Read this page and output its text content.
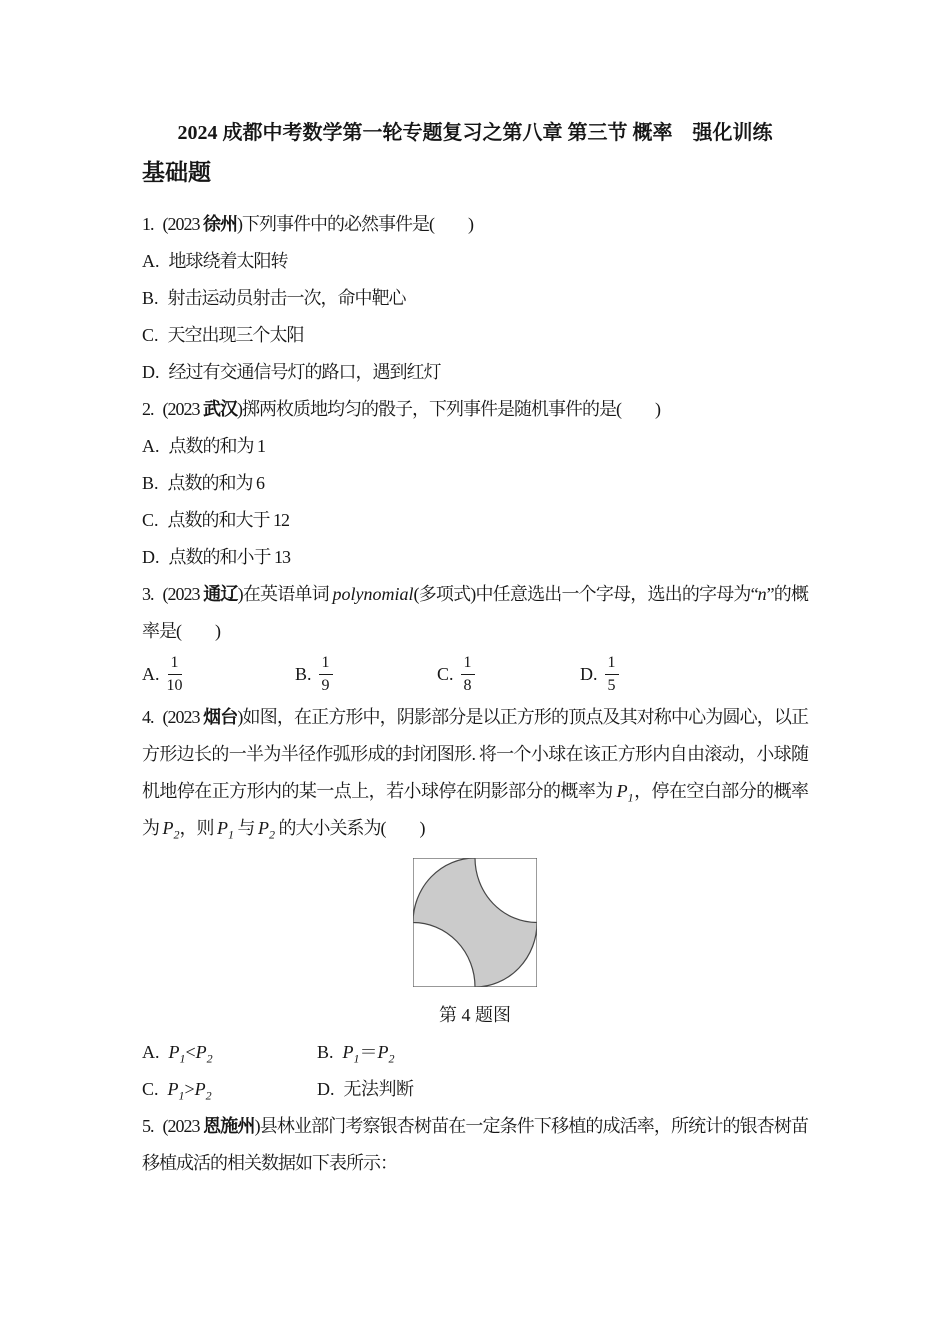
2024 成都中考数学第一轮专题复习之第八章 第三节 概率　强化训练
基础题

1. (2023 徐州)下列事件中的必然事件是(　　)

A. 地球绕着太阳转
B. 射击运动员射击一次，命中靶心
C. 天空出现三个太阳
D. 经过有交通信号灯的路口，遇到红灯

2. (2023 武汉)掷两枚质地均匀的骰子，下列事件是随机事件的是(　　)

A. 点数的和为 1
B. 点数的和为 6
C. 点数的和大于 12
D. 点数的和小于 13

3. (2023 通辽)在英语单词 polynomial(多项式)中任意选出一个字母，选出的字母为“n”的概率是(　　)

A. $\frac{1}{10}$	B. $\frac{1}{9}$	C. $\frac{1}{8}$	D. $\frac{1}{5}$

4. (2023 烟台)如图，在正方形中，阴影部分是以正方形的顶点及其对称中心为圆心，以正方形边长的一半为半径作弧形成的封闭图形. 将一个小球在该正方形内自由滚动，小球随机地停在正方形内的某一点上，若小球停在阴影部分的概率为 $P_1$，停在空白部分的概率为 $P_2$，则 $P_1$ 与 $P_2$ 的大小关系为(　　)

第 4 题图
A. $P_1<P_2$	B. $P_1=P_2$
C. $P_1>P_2$	D. 无法判断

5. (2023 恩施州)县林业部门考察银杏树苗在一定条件下移植的成活率，所统计的银杏树苗移植成活的相关数据如下表所示：
